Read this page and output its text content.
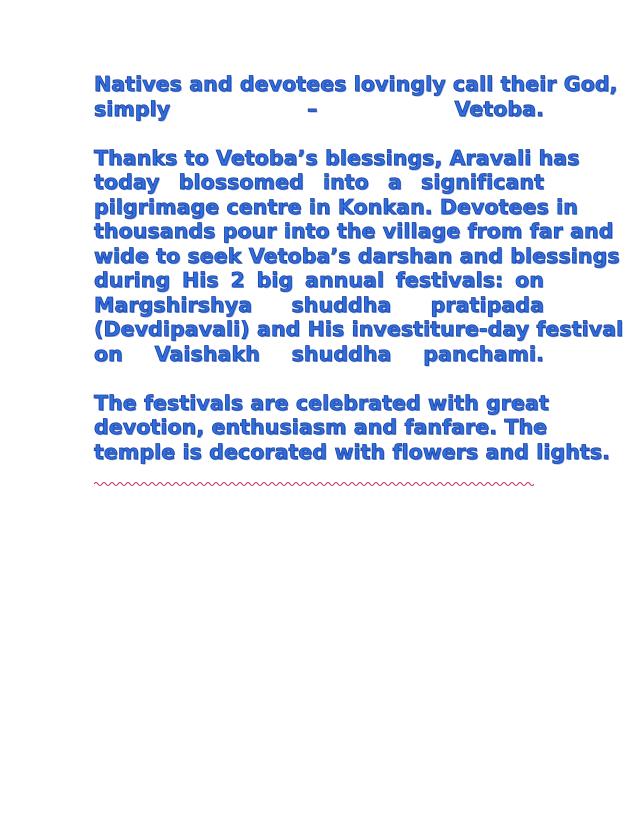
Natives and devotees lovingly call their God,
simply – Vetoba.
Thanks to Vetoba’s blessings, Aravali has
today blossomed into a significant
pilgrimage centre in Konkan. Devotees in
thousands pour into the village from far and
wide to seek Vetoba’s darshan and blessings
during His 2 big annual festivals: on
Margshirshya shuddha pratipada
(Devdipavali) and His investiture-day festival
on Vaishakh shuddha panchami.
The festivals are celebrated with great
devotion, enthusiasm and fanfare. The
temple is decorated with flowers and lights.
